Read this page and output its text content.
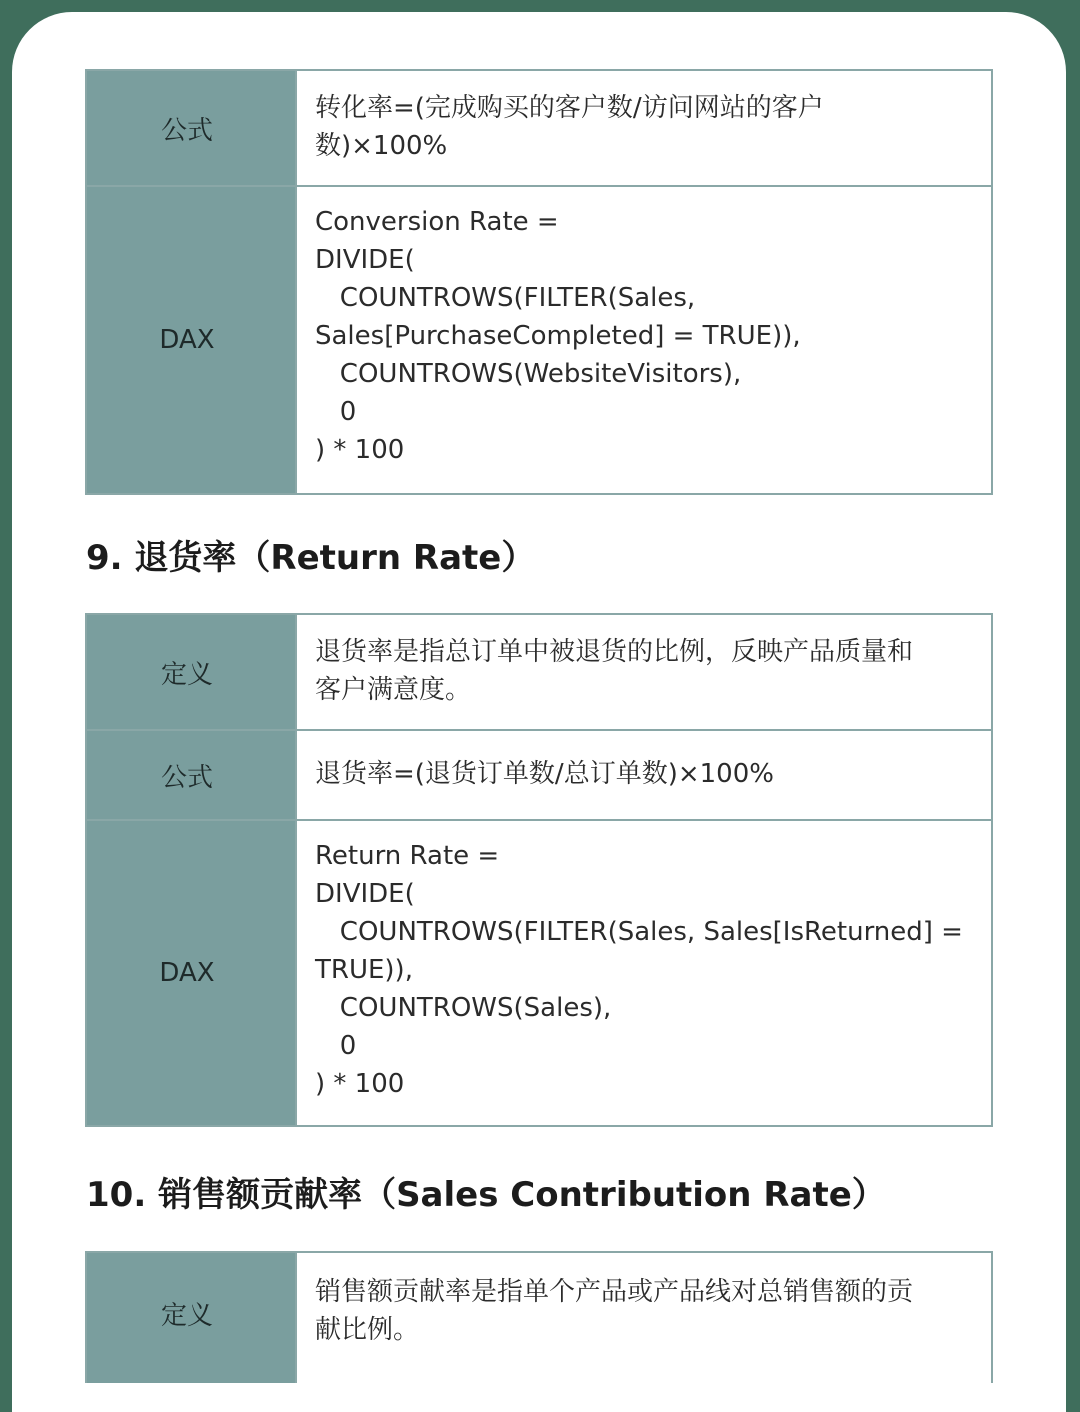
公式
转化率=(完成购买的客户数/访问网站的客户
数)×100%
DAX
Conversion Rate =
DIVIDE(
COUNTROWS(FILTER(Sales,
Sales[PurchaseCompleted] = TRUE)),
COUNTROWS(WebsiteVisitors),
0
) * 100
9. 退货率（Return Rate）
定义
退货率是指总订单中被退货的比例，反映产品质量和
客户满意度。
公式	退货率=(退货订单数/总订单数)×100%
DAX
Return Rate =
DIVIDE(
COUNTROWS(FILTER(Sales, Sales[IsReturned] =
TRUE)),
COUNTROWS(Sales),
0
) * 100
10. 销售额贡献率（Sales Contribution Rate）
定义
销售额贡献率是指单个产品或产品线对总销售额的贡
献比例。
